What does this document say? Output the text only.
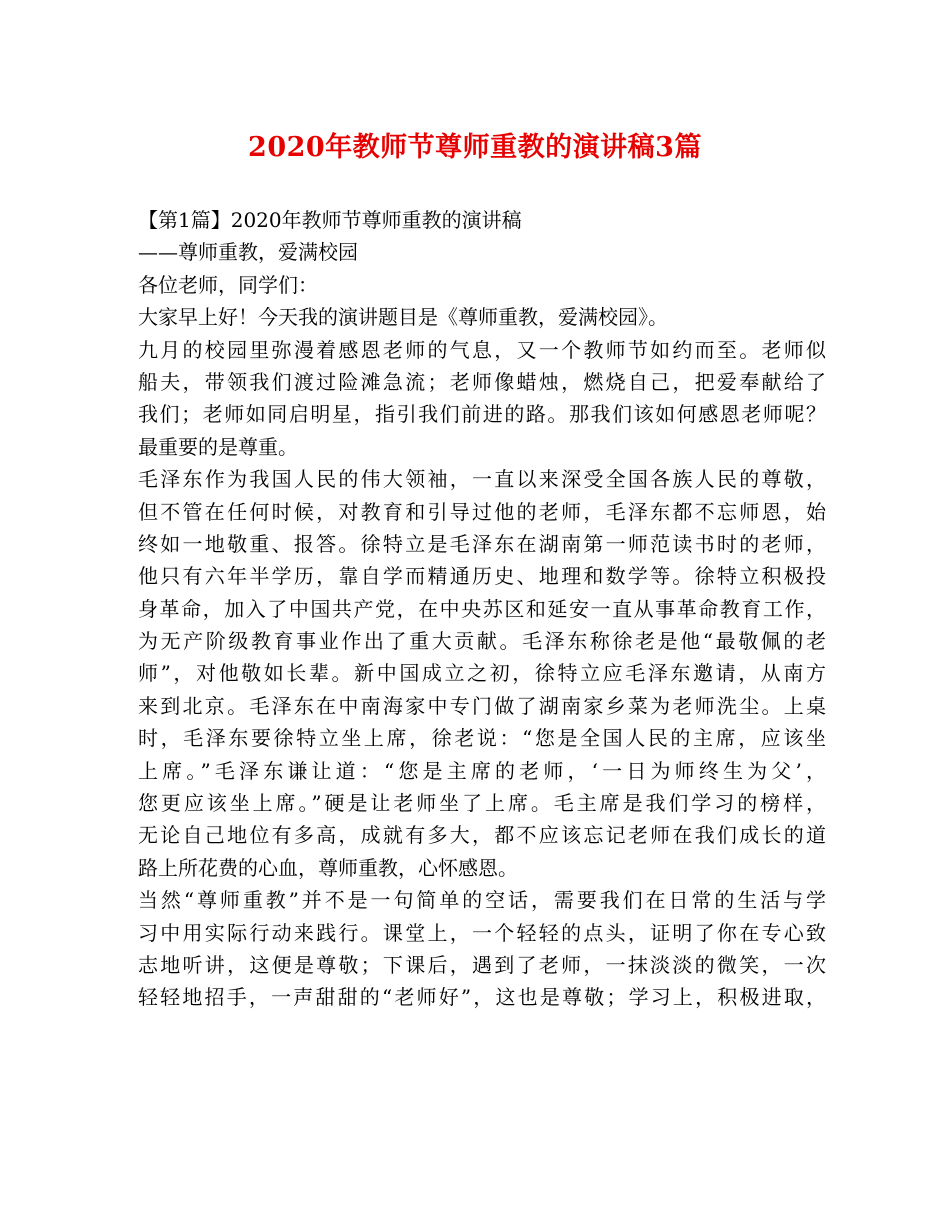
2020年教师节尊师重教的演讲稿3篇
【第1篇】2020年教师节尊师重教的演讲稿
——尊师重教，爱满校园
各位老师，同学们：
大家早上好！今天我的演讲题目是《尊师重教，爱满校园》。
九月的校园里弥漫着感恩老师的气息，又一个教师节如约而至。老师似
船夫，带领我们渡过险滩急流；老师像蜡烛，燃烧自己，把爱奉献给了
我们；老师如同启明星，指引我们前进的路。那我们该如何感恩老师呢？
最重要的是尊重。
毛泽东作为我国人民的伟大领袖，一直以来深受全国各族人民的尊敬，
但不管在任何时候，对教育和引导过他的老师，毛泽东都不忘师恩，始
终如一地敬重、报答。徐特立是毛泽东在湖南第一师范读书时的老师，
他只有六年半学历，靠自学而精通历史、地理和数学等。徐特立积极投
身革命，加入了中国共产党，在中央苏区和延安一直从事革命教育工作，
为无产阶级教育事业作出了重大贡献。毛泽东称徐老是他“最敬佩的老
师”，对他敬如长辈。新中国成立之初，徐特立应毛泽东邀请，从南方
来到北京。毛泽东在中南海家中专门做了湖南家乡菜为老师洗尘。上桌
时，毛泽东要徐特立坐上席，徐老说：“您是全国人民的主席，应该坐
上席。”毛泽东谦让道：“您是主席的老师，‘一日为师终生为父’，
您更应该坐上席。”硬是让老师坐了上席。毛主席是我们学习的榜样，
无论自己地位有多高，成就有多大，都不应该忘记老师在我们成长的道
路上所花费的心血，尊师重教，心怀感恩。
当然“尊师重教”并不是一句简单的空话，需要我们在日常的生活与学
习中用实际行动来践行。课堂上，一个轻轻的点头，证明了你在专心致
志地听讲，这便是尊敬；下课后，遇到了老师，一抹淡淡的微笑，一次
轻轻地招手，一声甜甜的“老师好”，这也是尊敬；学习上，积极进取，
